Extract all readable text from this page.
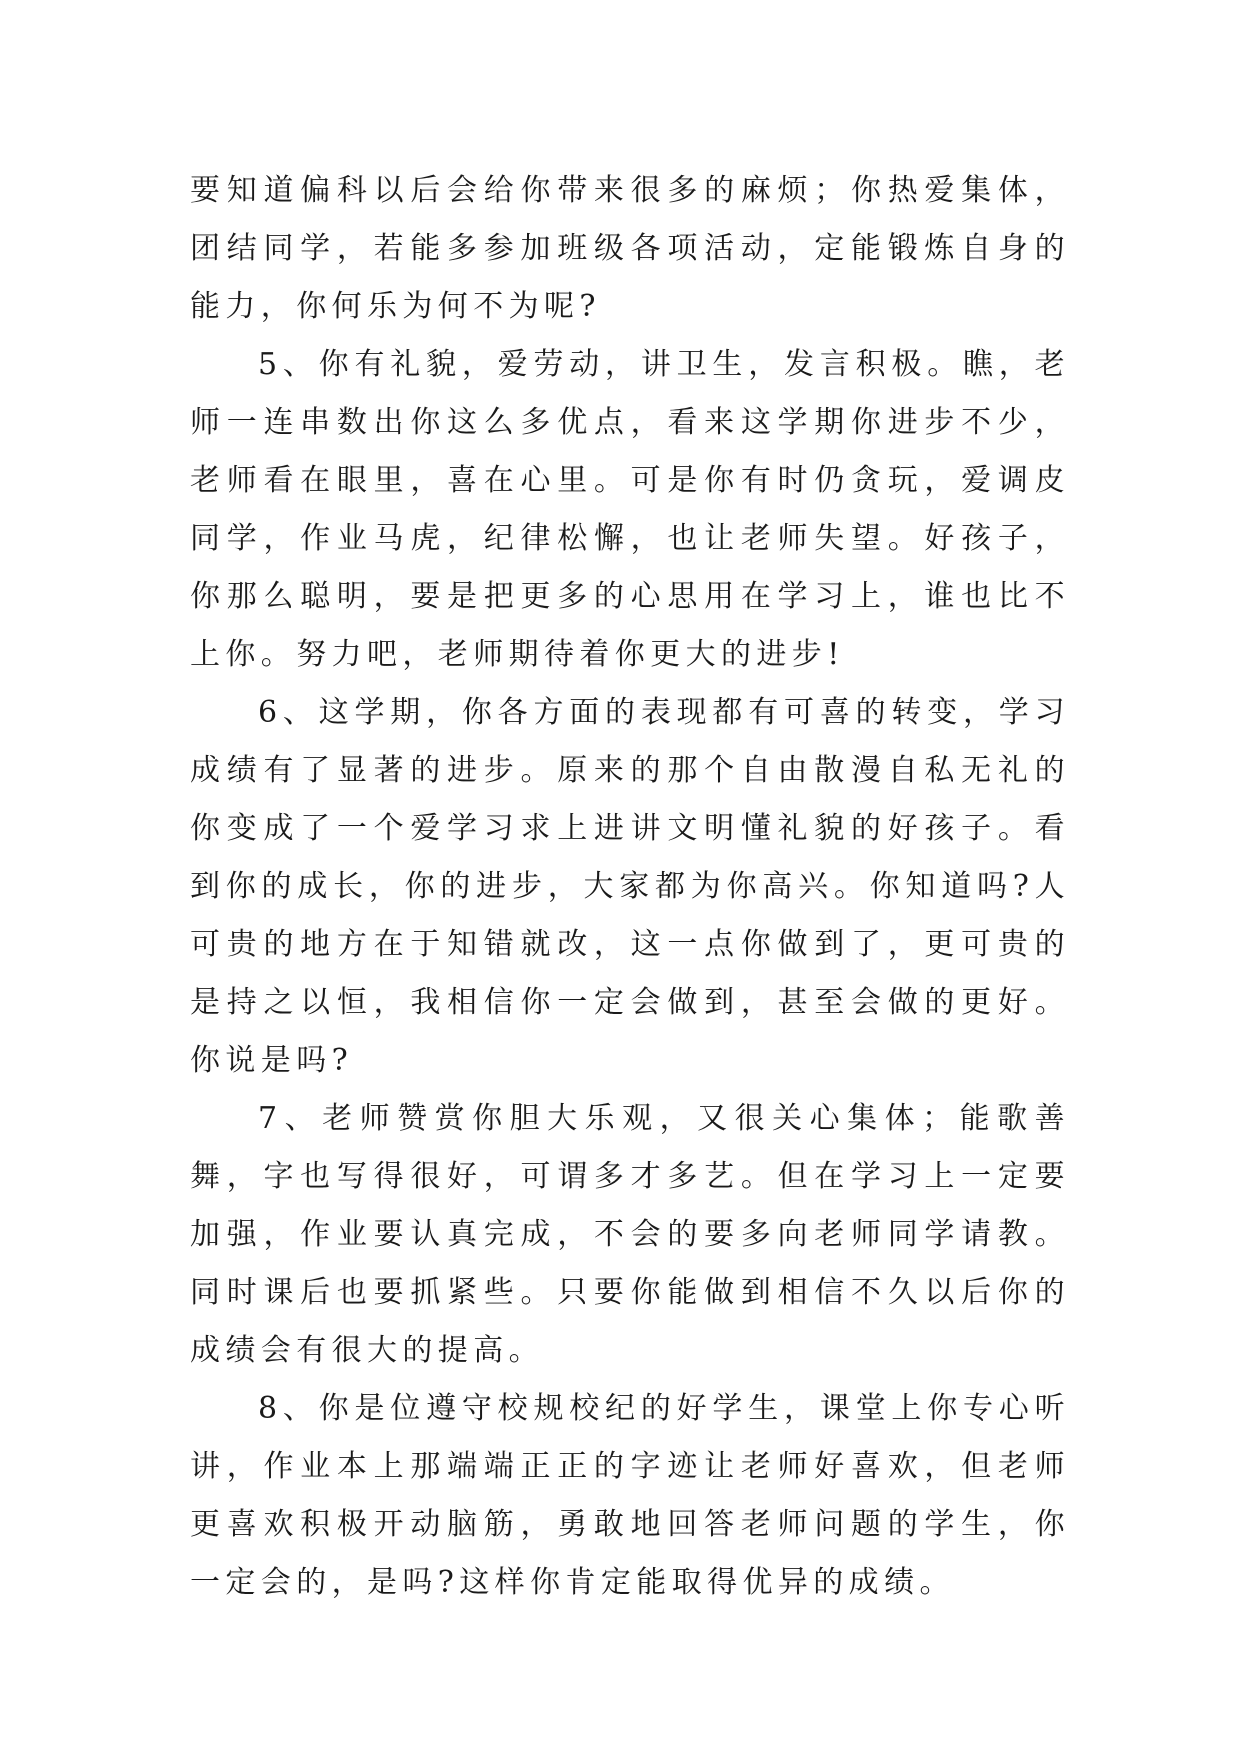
要知道偏科以后会给你带来很多的麻烦；你热爱集体，团结同学，若能多参加班级各项活动，定能锻炼自身的能力，你何乐为何不为呢?

5、你有礼貌，爱劳动，讲卫生，发言积极。瞧，老师一连串数出你这么多优点，看来这学期你进步不少，老师看在眼里，喜在心里。可是你有时仍贪玩，爱调皮同学，作业马虎，纪律松懈，也让老师失望。好孩子，你那么聪明，要是把更多的心思用在学习上，谁也比不上你。努力吧，老师期待着你更大的进步!

6、这学期，你各方面的表现都有可喜的转变，学习成绩有了显著的进步。原来的那个自由散漫自私无礼的你变成了一个爱学习求上进讲文明懂礼貌的好孩子。看到你的成长，你的进步，大家都为你高兴。你知道吗?人可贵的地方在于知错就改，这一点你做到了，更可贵的是持之以恒，我相信你一定会做到，甚至会做的更好。你说是吗?

7、老师赞赏你胆大乐观，又很关心集体；能歌善舞，字也写得很好，可谓多才多艺。但在学习上一定要加强，作业要认真完成，不会的要多向老师同学请教。同时课后也要抓紧些。只要你能做到相信不久以后你的成绩会有很大的提高。

8、你是位遵守校规校纪的好学生，课堂上你专心听讲，作业本上那端端正正的字迹让老师好喜欢，但老师更喜欢积极开动脑筋，勇敢地回答老师问题的学生，你一定会的，是吗?这样你肯定能取得优异的成绩。
